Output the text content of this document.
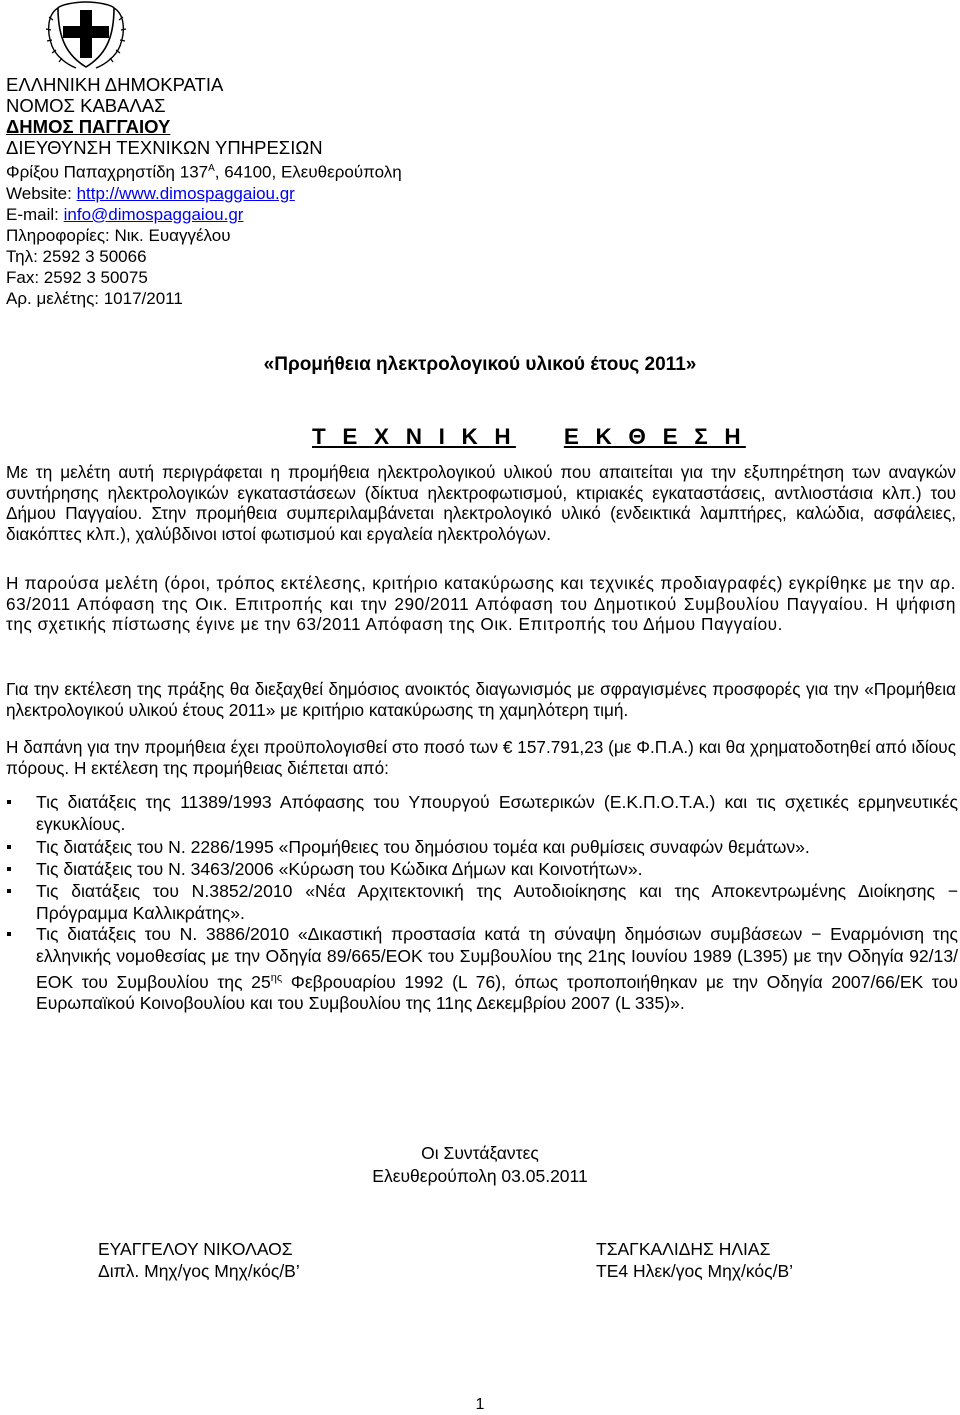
ΕΛΛΗΝΙΚΗ ΔΗΜΟΚΡΑΤΙΑ
ΝΟΜΟΣ ΚΑΒΑΛΑΣ
ΔΗΜΟΣ ΠΑΓΓΑΙΟΥ
ΔΙΕΥΘΥΝΣΗ ΤΕΧΝΙΚΩΝ ΥΠΗΡΕΣΙΩΝ
Φρίξου Παπαχρηστίδη $137^A$, 64100, Ελευθερούπολη
Website: http://www.dimospaggaiou.gr
E-mail: info@dimospaggaiou.gr
Πληροφορίες: Νικ. Ευαγγέλου
Τηλ: 2592 3 50066
Fax: 2592 3 50075
Αρ. μελέτης: 1017/2011
«Προμήθεια ηλεκτρολογικού υλικού έτους 2011»
Τ Ε Χ Ν Ι Κ Η Ε Κ Θ Ε Σ Η

Με τη μελέτη αυτή περιγράφεται η προμήθεια ηλεκτρολογικού υλικού που απαιτείται για την εξυπηρέτηση των αναγκών συντήρησης ηλεκτρολογικών εγκαταστάσεων (δίκτυα ηλεκτροφωτισμού, κτιριακές εγκαταστάσεις, αντλιοστάσια κλπ.) του Δήμου Παγγαίου. Στην προμήθεια συμπεριλαμβάνεται ηλεκτρολογικό υλικό (ενδεικτικά λαμπτήρες, καλώδια, ασφάλειες, διακόπτες κλπ.), χαλύβδινοι ιστοί φωτισμού και εργαλεία ηλεκτρολόγων.

Η παρούσα μελέτη (όροι, τρόπος εκτέλεσης, κριτήριο κατακύρωσης και τεχνικές προδιαγραφές) εγκρίθηκε με την αρ. 63/2011 Απόφαση της Οικ. Επιτροπής και την 290/2011 Απόφαση του Δημοτικού Συμβουλίου Παγγαίου. Η ψήφιση της σχετικής πίστωσης έγινε με την 63/2011 Απόφαση της Οικ. Επιτροπής του Δήμου Παγγαίου.

Για την εκτέλεση της πράξης θα διεξαχθεί δημόσιος ανοικτός διαγωνισμός με σφραγισμένες προσφορές για την «Προμήθεια ηλεκτρολογικού υλικού έτους 2011» με κριτήριο κατακύρωσης τη χαμηλότερη τιμή.

Η δαπάνη για την προμήθεια έχει προϋπολογισθεί στο ποσό των € 157.791,23 (με Φ.Π.Α.) και θα χρηματοδοτηθεί από ιδίους πόρους. Η εκτέλεση της προμήθειας διέπεται από:

Τις διατάξεις της 11389/1993 Απόφασης του Υπουργού Εσωτερικών (Ε.Κ.Π.Ο.Τ.Α.) και τις σχετικές ερμηνευτικές εγκυκλίους.
Τις διατάξεις του Ν. 2286/1995 «Προμήθειες του δημόσιου τομέα και ρυθμίσεις συναφών θεμάτων».
Τις διατάξεις του Ν. 3463/2006 «Κύρωση του Κώδικα Δήμων και Κοινοτήτων».
Τις διατάξεις του Ν.3852/2010 «Νέα Αρχιτεκτονική της Αυτοδιοίκησης και της Αποκεντρωμένης Διοίκησης − Πρόγραμμα Καλλικράτης».
Τις διατάξεις του Ν. 3886/2010 «Δικαστική προστασία κατά τη σύναψη δημόσιων συμβάσεων − Εναρμόνιση της ελληνικής νομοθεσίας με την Οδηγία 89/665/ΕΟΚ του Συμβουλίου της 21ης Ιουνίου 1989 (L395) με την Οδηγία 92/13/ΕΟΚ του Συμβουλίου της $25^{\eta\varsigma}$ Φεβρουαρίου 1992 (L 76), όπως τροποποιήθηκαν με την Οδηγία 2007/66/ΕΚ του Ευρωπαϊκού Κοινοβουλίου και του Συμβουλίου της 11ης Δεκεμβρίου 2007 (L 335)».
Οι Συντάξαντες
Ελευθερούπολη 03.05.2011
ΕΥΑΓΓΕΛΟΥ ΝΙΚΟΛΑΟΣ
Διπλ. Μηχ/γος Μηχ/κός/Β’
ΤΣΑΓΚΑΛΙΔΗΣ ΗΛΙΑΣ
ΤΕ4 Ηλεκ/γος Μηχ/κός/Β’
1
